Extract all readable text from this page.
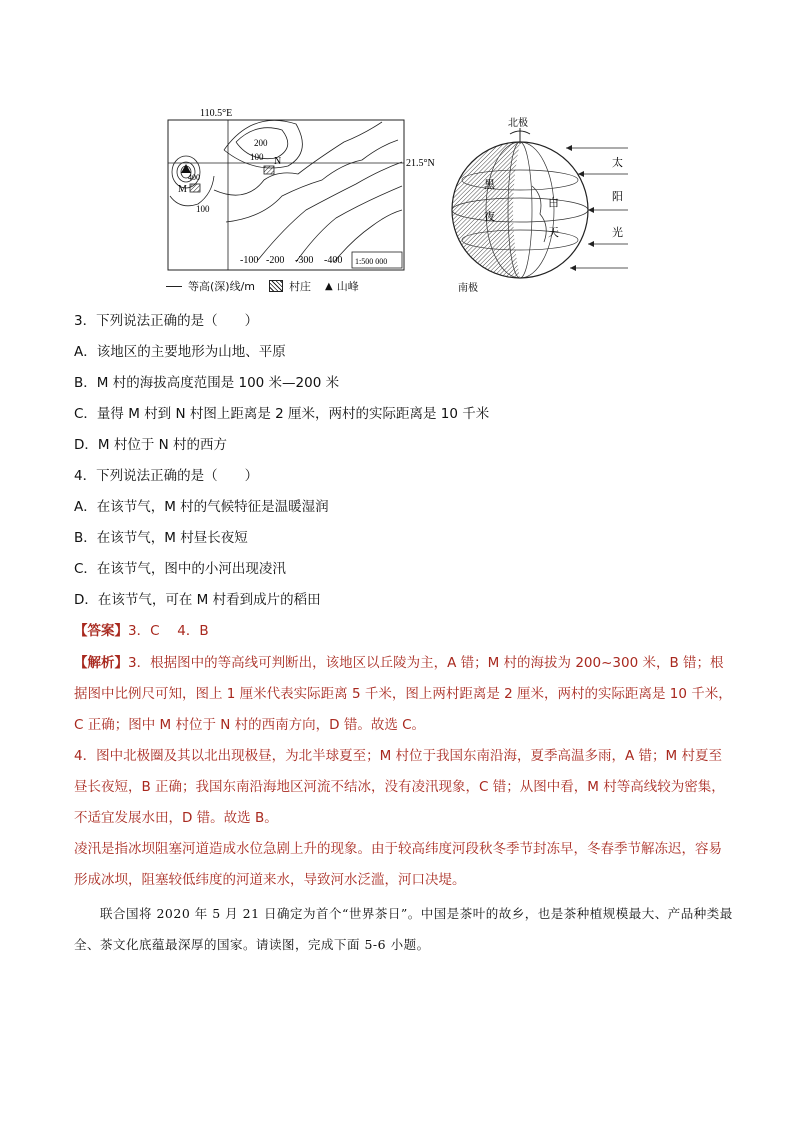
110.5°E
21.5°N
200
100
400
100
M
N
-100 -200 -300 -400 1:500 000
等高(深)线/m	村庄 ▲ 山峰
北极
南极
黑
夜
白
天
太
阳
光
3．下列说法正确的是（　　）
A．该地区的主要地形为山地、平原
B．M 村的海拔高度范围是 100 米—200 米
C．量得 M 村到 N 村图上距离是 2 厘米，两村的实际距离是 10 千米
D．M 村位于 N 村的西方
4．下列说法正确的是（　　）
A．在该节气，M 村的气候特征是温暖湿润
B．在该节气，M 村昼长夜短
C．在该节气，图中的小河出现凌汛
D．在该节气，可在 M 村看到成片的稻田
【答案】3．C　 4．B
【解析】3．根据图中的等高线可判断出，该地区以丘陵为主，A 错；M 村的海拔为 200~300 米，B 错；根据图中比例尺可知，图上 1 厘米代表实际距离 5 千米，图上两村距离是 2 厘米，两村的实际距离是 10 千米，C 正确；图中 M 村位于 N 村的西南方向，D 错。故选 C。
4．图中北极圈及其以北出现极昼，为北半球夏至；M 村位于我国东南沿海，夏季高温多雨，A 错；M 村夏至昼长夜短，B 正确；我国东南沿海地区河流不结冰，没有凌汛现象，C 错；从图中看，M 村等高线较为密集，不适宜发展水田，D 错。故选 B。
凌汛是指冰坝阻塞河道造成水位急剧上升的现象。由于较高纬度河段秋冬季节封冻早，冬春季节解冻迟，容易形成冰坝，阻塞较低纬度的河道来水，导致河水泛滥，河口决堤。
联合国将 2020 年 5 月 21 日确定为首个“世界茶日”。中国是茶叶的故乡，也是茶种植规模最大、产品种类最全、茶文化底蕴最深厚的国家。请读图，完成下面 5-6 小题。
